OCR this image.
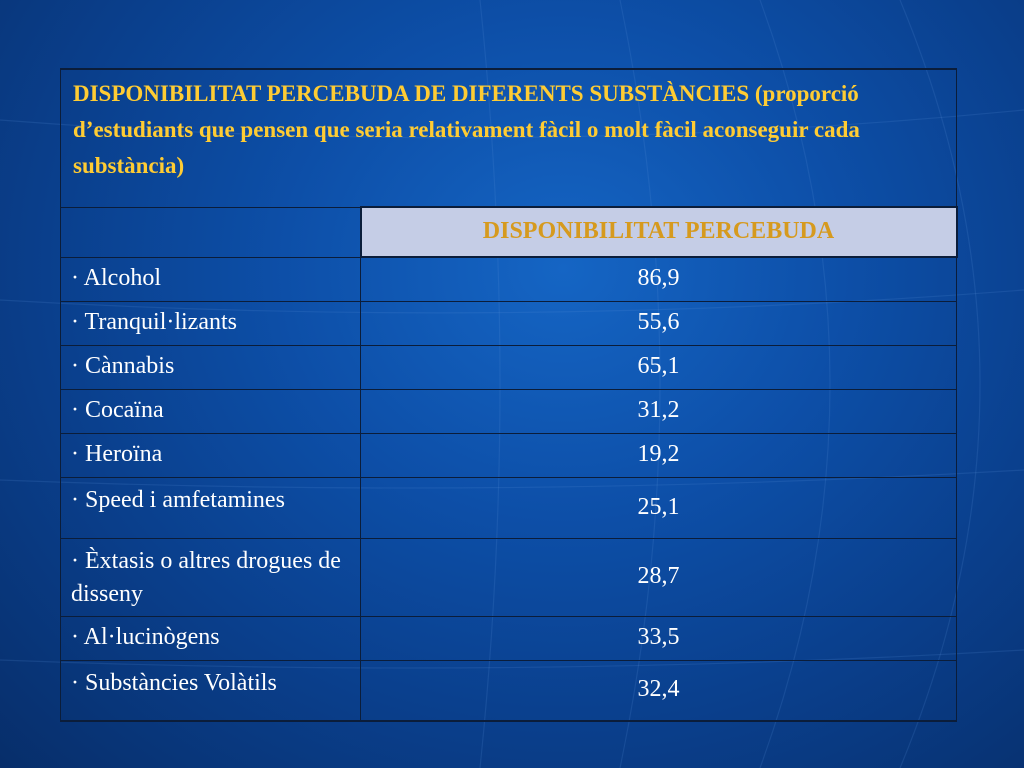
DISPONIBILITAT PERCEBUDA DE DIFERENTS SUBSTÀNCIES (proporció d’estudiants que pensen que seria relativament fàcil o molt fàcil aconseguir cada substància)	
	DISPONIBILITAT PERCEBUDA
· Alcohol	86,9
· Tranquil·lizants	55,6
· Cànnabis	65,1
· Cocaïna	31,2
· Heroïna	19,2
· Speed i amfetamines	25,1
· Èxtasis o altres drogues de disseny	28,7
· Al·lucinògens	33,5
· Substàncies Volàtils	32,4
